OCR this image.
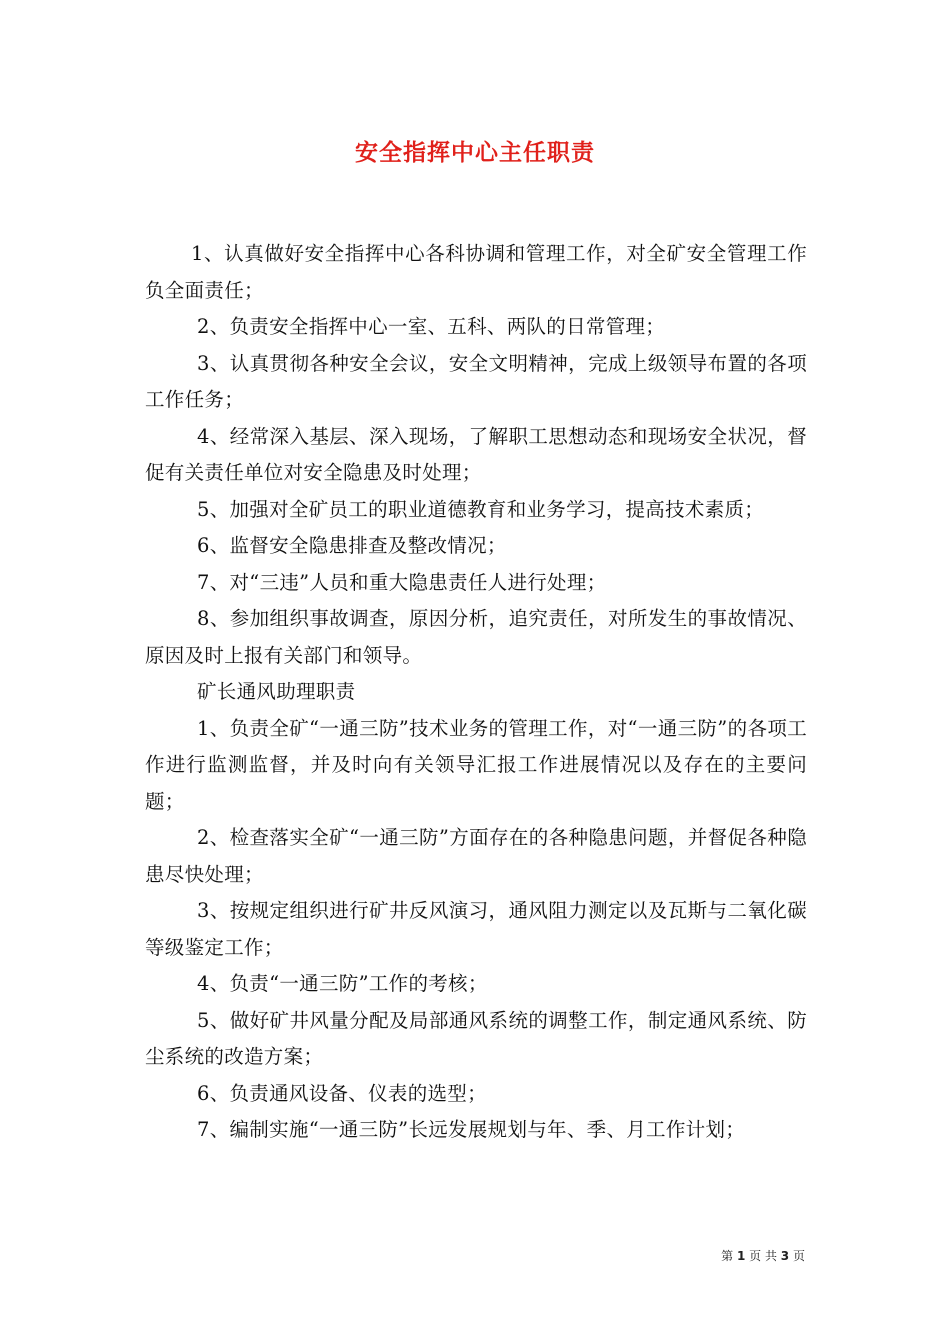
安全指挥中心主任职责

1、认真做好安全指挥中心各科协调和管理工作，对全矿安全管理工作负全面责任；

2、负责安全指挥中心一室、五科、两队的日常管理；

3、认真贯彻各种安全会议，安全文明精神，完成上级领导布置的各项工作任务；

4、经常深入基层、深入现场，了解职工思想动态和现场安全状况，督促有关责任单位对安全隐患及时处理；

5、加强对全矿员工的职业道德教育和业务学习，提高技术素质；

6、监督安全隐患排查及整改情况；

7、对“三违”人员和重大隐患责任人进行处理；

8、参加组织事故调查，原因分析，追究责任，对所发生的事故情况、原因及时上报有关部门和领导。

矿长通风助理职责

1、负责全矿“一通三防”技术业务的管理工作，对“一通三防”的各项工作进行监测监督，并及时向有关领导汇报工作进展情况以及存在的主要问题；

2、检查落实全矿“一通三防”方面存在的各种隐患问题，并督促各种隐患尽快处理；

3、按规定组织进行矿井反风演习，通风阻力测定以及瓦斯与二氧化碳等级鉴定工作；

4、负责“一通三防”工作的考核；

5、做好矿井风量分配及局部通风系统的调整工作，制定通风系统、防尘系统的改造方案；

6、负责通风设备、仪表的选型；

7、编制实施“一通三防”长远发展规划与年、季、月工作计划；

第 1 页 共 3 页
